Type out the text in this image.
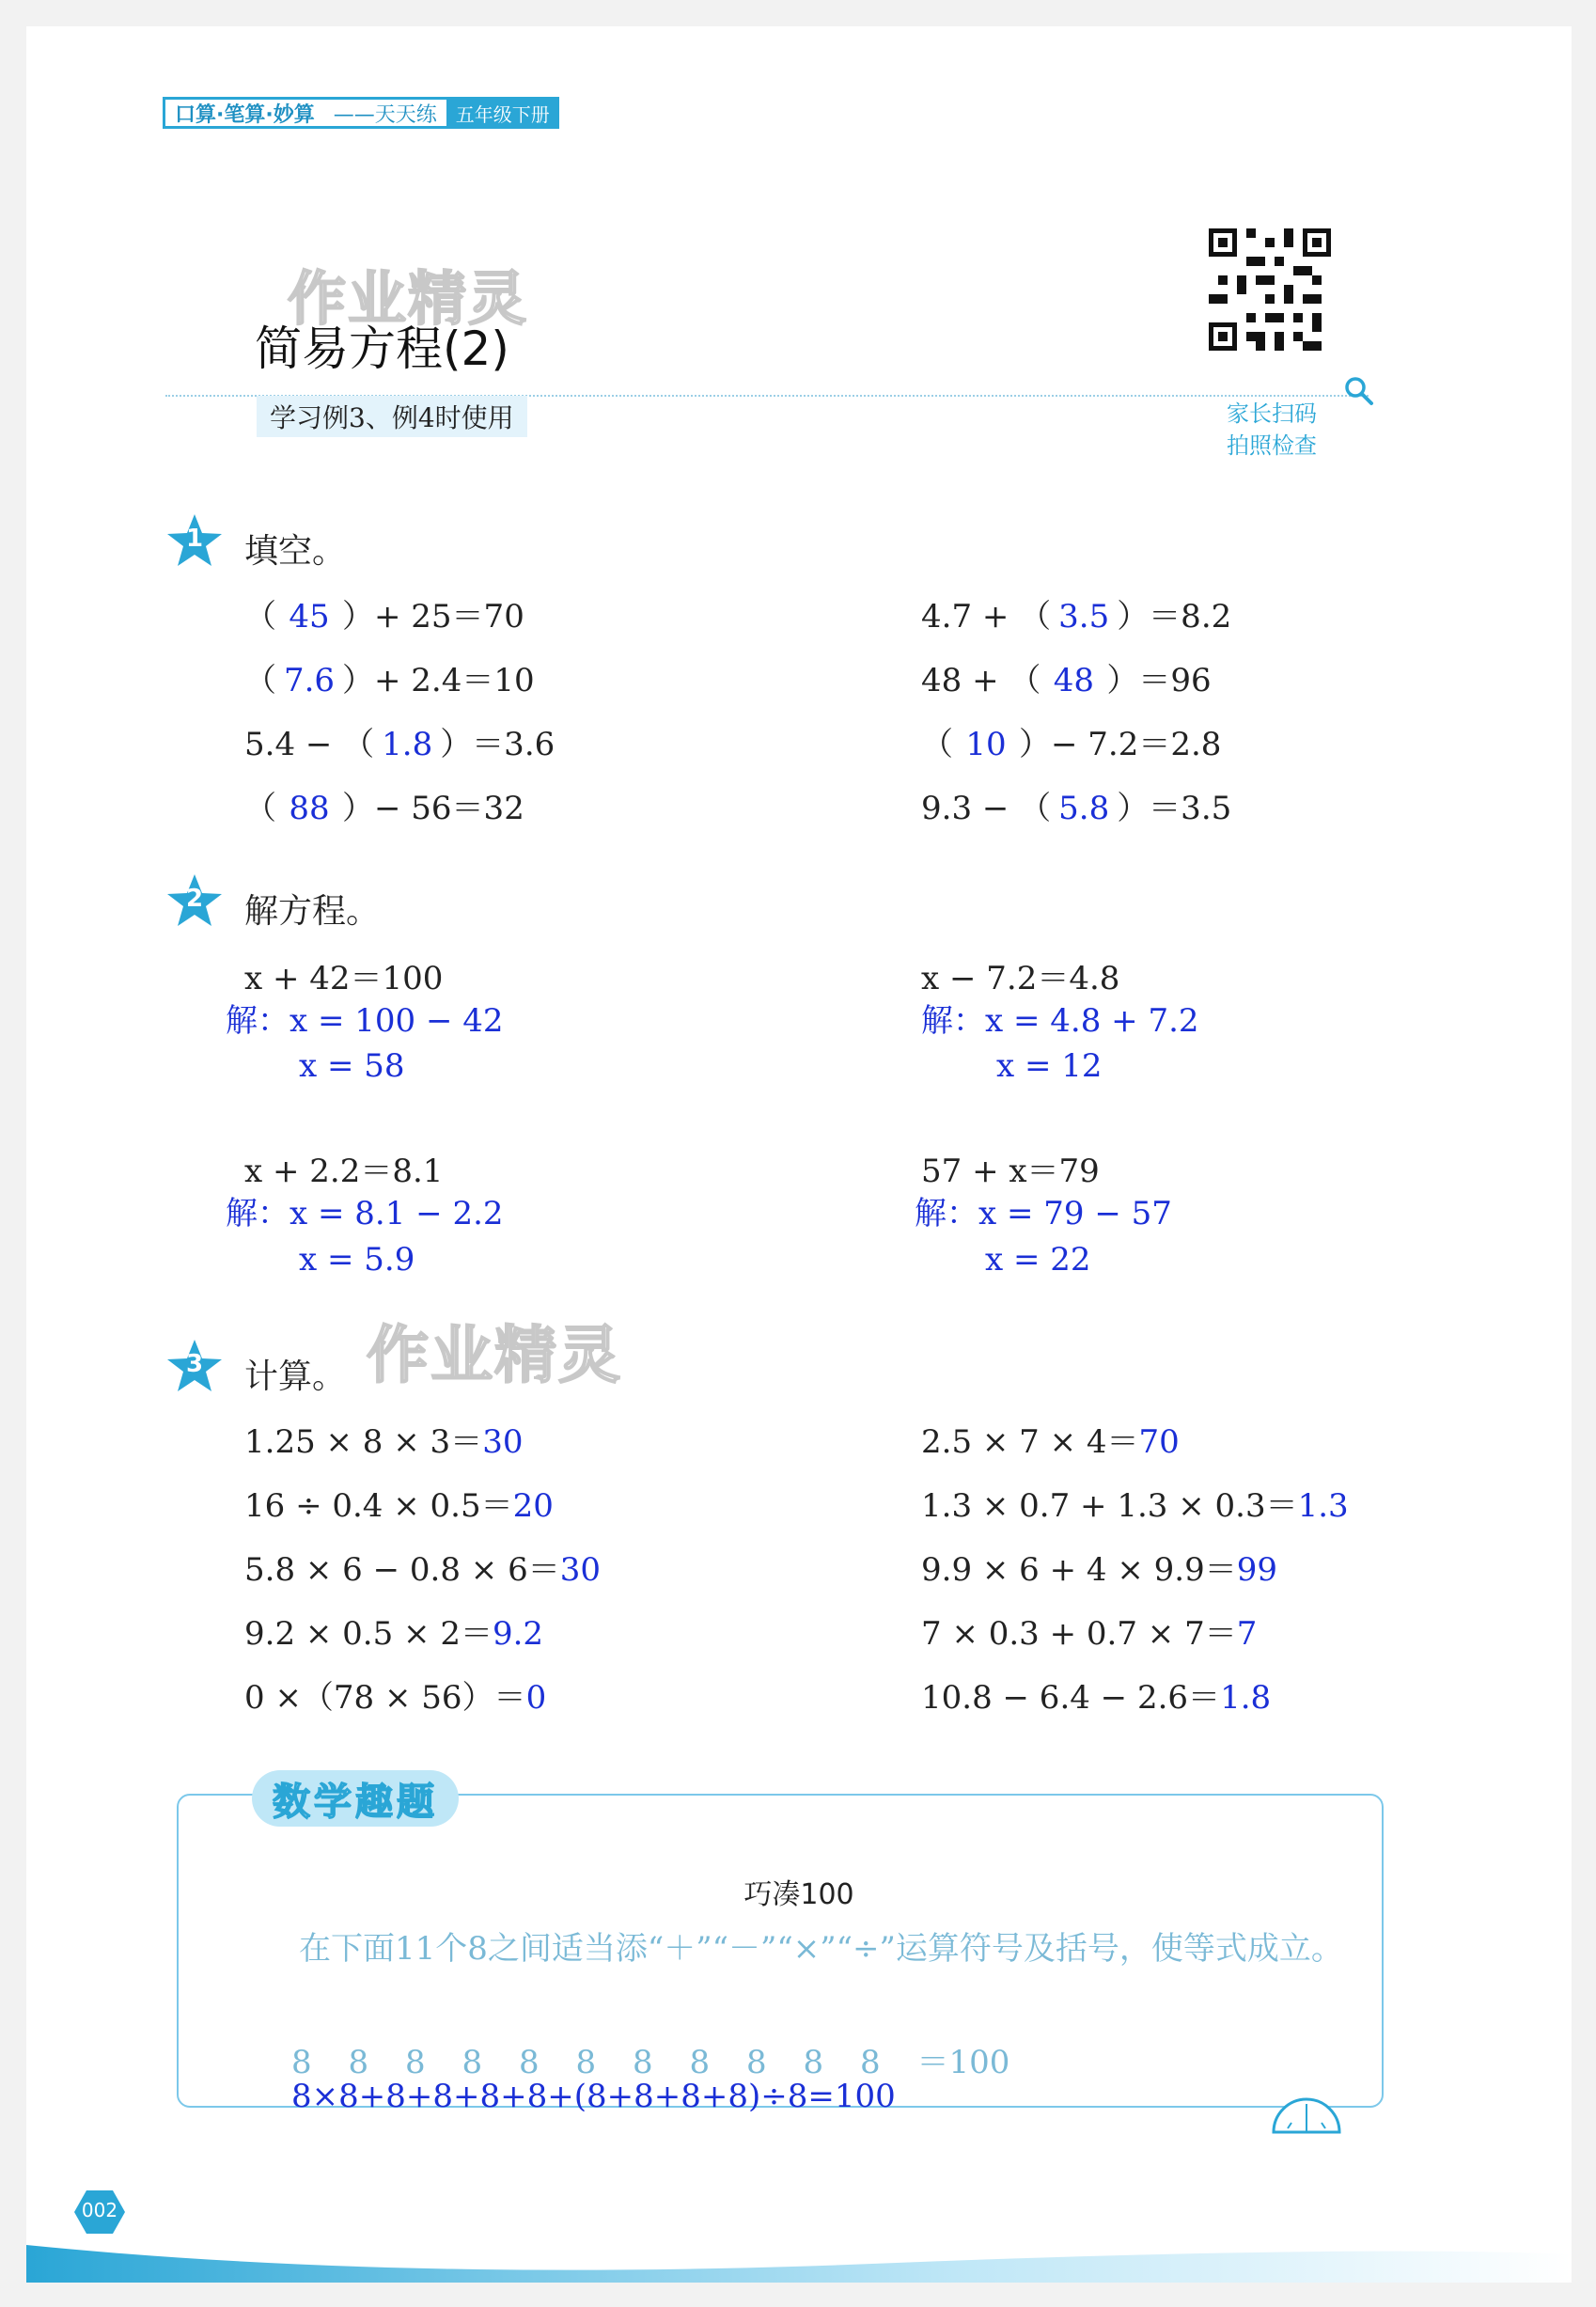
口算·笔算·妙算 ——天天练	五年级下册
作业精灵
简易方程(2)
学习例3、例4时使用	家长扫码
拍照检查
1	填空。
（ 45 ）+ 25＝70
（ 7.6 ）+ 2.4＝10
5.4 − （ 1.8 ）＝3.6
（ 88 ）− 56＝32
4.7 + （ 3.5 ）＝8.2
48 + （ 48 ）＝96
（ 10 ）− 7.2＝2.8
9.3 − （ 5.8 ）＝3.5
2	解方程。
x + 42＝100
解：x = 100 − 42
x = 58
x − 7.2＝4.8
解：x = 4.8 + 7.2
x = 12
x + 2.2＝8.1
解：x = 8.1 − 2.2
x = 5.9
57 + x＝79
解：x = 79 − 57
x = 22
作业精灵
3	计算。
1.25 × 8 × 3＝30
16 ÷ 0.4 × 0.5＝20
5.8 × 6 − 0.8 × 6＝30
9.2 × 0.5 × 2＝9.2
0 ×（78 × 56）＝0
2.5 × 7 × 4＝70
1.3 × 0.7 + 1.3 × 0.3＝1.3
9.9 × 6 + 4 × 9.9＝99
7 × 0.3 + 0.7 × 7＝7
10.8 − 6.4 − 2.6＝1.8
数学趣题
巧凑100
在下面11个8之间适当添“＋”“－”“×”“÷”运算符号及括号，使等式成立。
8 8 8 8 8 8 8 8 8 8 8 ＝100
8×8+8+8+8+8+(8+8+8+8)÷8=100
002
